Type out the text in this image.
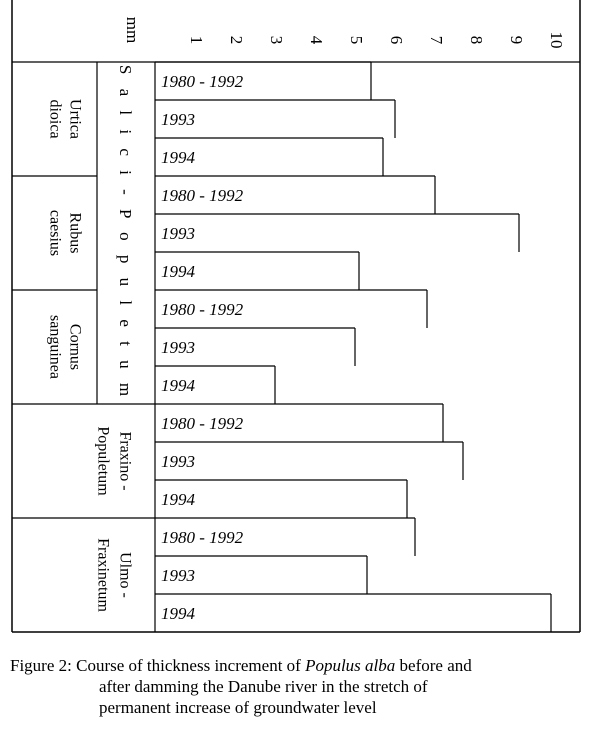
mm	1 2 3 4 5 6 7 8 9 10
1980 - 1992
1993
1994
Urtica
dioica
1980 - 1992
1993
1994
Rubus
caesius
1980 - 1992
1993
1994
Cornus
sanguinea
1980 - 1992
1993
1994
1980 - 1992
1993
1994
S a l i c i - P o p u l e t u m
Fraxino -
Populetum
Ulmo -
Fraxinetum
Figure 2: Course of thickness increment of Populus alba before and
after damming the Danube river in the stretch of
permanent increase of groundwater level
